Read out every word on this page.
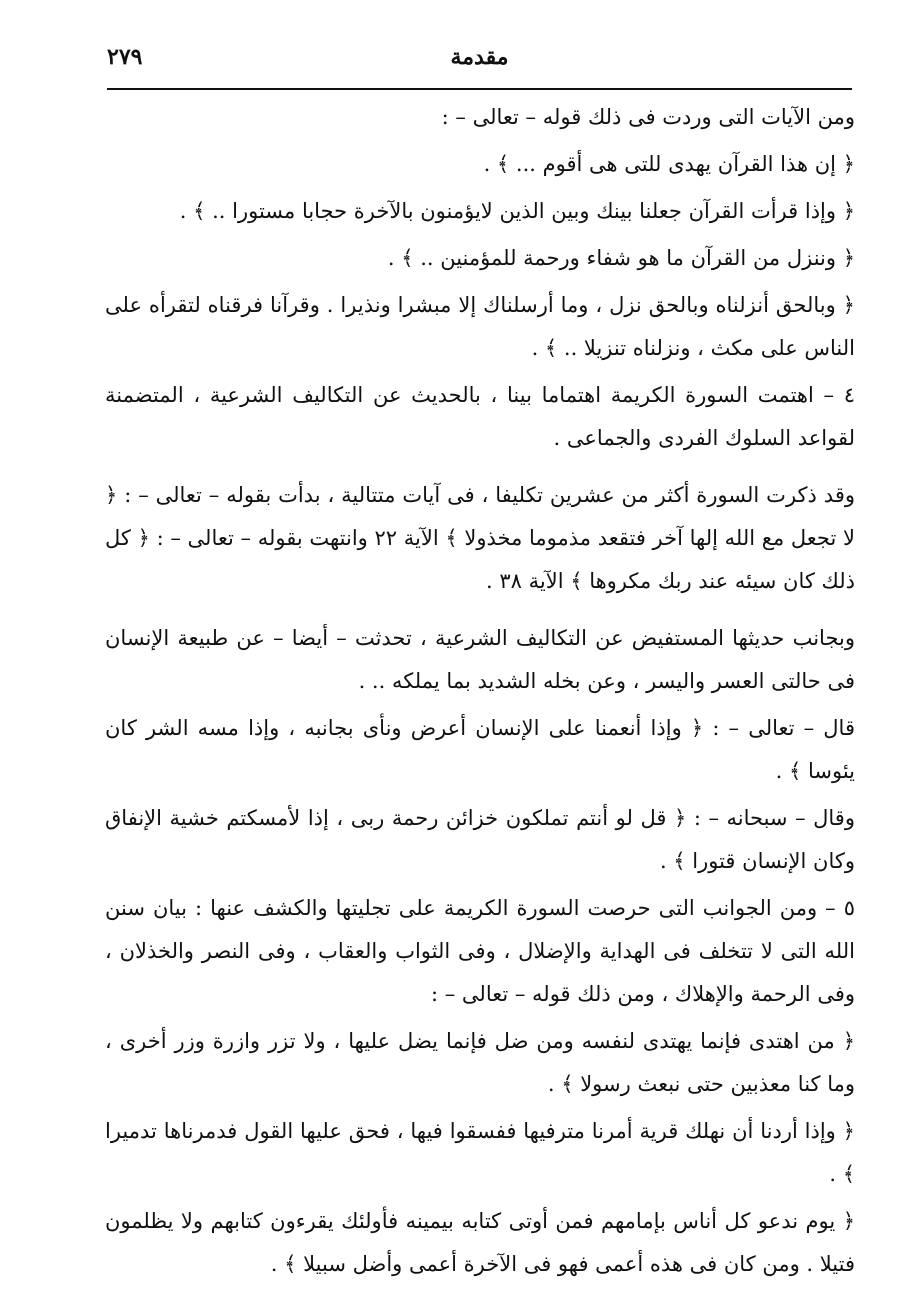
٢٧٩	مقدمة

ومن الآيات التى وردت فى ذلك قوله – تعالى – :

﴿ إن هذا القرآن يهدى للتى هى أقوم ... ﴾ .

﴿ وإذا قرأت القرآن جعلنا بينك وبين الذين لايؤمنون بالآخرة حجابا مستورا .. ﴾ .

﴿ وننزل من القرآن ما هو شفاء ورحمة للمؤمنين .. ﴾ .

﴿ وبالحق أنزلناه وبالحق نزل ، وما أرسلناك إلا مبشرا ونذيرا . وقرآنا فرقناه لتقرأه على الناس على مكث ، ونزلناه تنزيلا .. ﴾ .

٤ – اهتمت السورة الكريمة اهتماما بينا ، بالحديث عن التكاليف الشرعية ، المتضمنة لقواعد السلوك الفردى والجماعى .

وقد ذكرت السورة أكثر من عشرين تكليفا ، فى آيات متتالية ، بدأت بقوله – تعالى – : ﴿ لا تجعل مع الله إلها آخر فتقعد مذموما مخذولا ﴾ الآية ٢٢ وانتهت بقوله – تعالى – : ﴿ كل ذلك كان سيئه عند ربك مكروها ﴾ الآية ٣٨ .

وبجانب حديثها المستفيض عن التكاليف الشرعية ، تحدثت – أيضا – عن طبيعة الإنسان فى حالتى العسر واليسر ، وعن بخله الشديد بما يملكه .. .

قال – تعالى – : ﴿ وإذا أنعمنا على الإنسان أعرض ونأى بجانبه ، وإذا مسه الشر كان يئوسا ﴾ .

وقال – سبحانه – : ﴿ قل لو أنتم تملكون خزائن رحمة ربى ، إذا لأمسكتم خشية الإنفاق وكان الإنسان قتورا ﴾ .

٥ – ومن الجوانب التى حرصت السورة الكريمة على تجليتها والكشف عنها : بيان سنن الله التى لا تتخلف فى الهداية والإضلال ، وفى الثواب والعقاب ، وفى النصر والخذلان ، وفى الرحمة والإهلاك ، ومن ذلك قوله – تعالى – :

﴿ من اهتدى فإنما يهتدى لنفسه ومن ضل فإنما يضل عليها ، ولا تزر وازرة وزر أخرى ، وما كنا معذبين حتى نبعث رسولا ﴾ .

﴿ وإذا أردنا أن نهلك قرية أمرنا مترفيها ففسقوا فيها ، فحق عليها القول فدمرناها تدميرا ﴾ .

﴿ يوم ندعو كل أناس بإمامهم فمن أوتى كتابه بيمينه فأولئك يقرءون كتابهم ولا يظلمون فتيلا . ومن كان فى هذه أعمى فهو فى الآخرة أعمى وأضل سبيلا ﴾ .
